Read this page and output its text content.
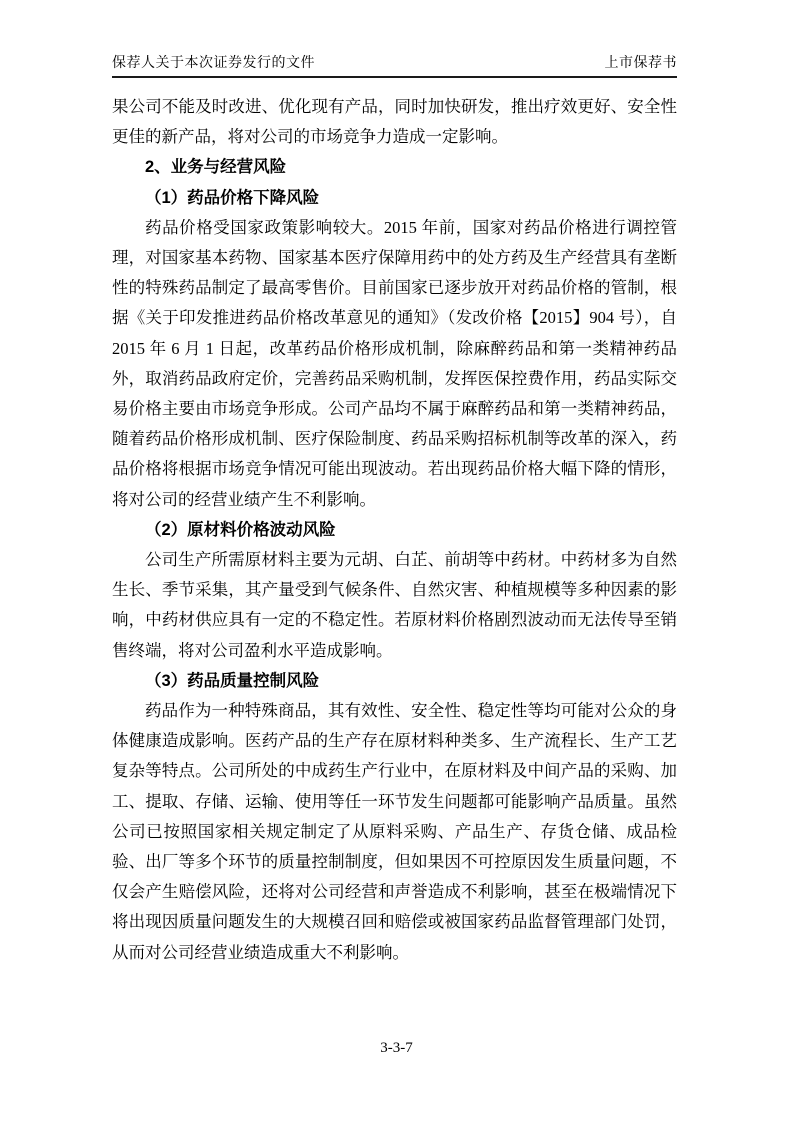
保荐人关于本次证券发行的文件	上市保荐书

果公司不能及时改进、优化现有产品，同时加快研发，推出疗效更好、安全性更佳的新产品，将对公司的市场竞争力造成一定影响。

2、业务与经营风险

（1）药品价格下降风险

药品价格受国家政策影响较大。2015 年前，国家对药品价格进行调控管理，对国家基本药物、国家基本医疗保障用药中的处方药及生产经营具有垄断性的特殊药品制定了最高零售价。目前国家已逐步放开对药品价格的管制，根据《关于印发推进药品价格改革意见的通知》（发改价格【2015】904 号），自 2015 年 6 月 1 日起，改革药品价格形成机制，除麻醉药品和第一类精神药品外，取消药品政府定价，完善药品采购机制，发挥医保控费作用，药品实际交易价格主要由市场竞争形成。公司产品均不属于麻醉药品和第一类精神药品，随着药品价格形成机制、医疗保险制度、药品采购招标机制等改革的深入，药品价格将根据市场竞争情况可能出现波动。若出现药品价格大幅下降的情形，将对公司的经营业绩产生不利影响。

（2）原材料价格波动风险

公司生产所需原材料主要为元胡、白芷、前胡等中药材。中药材多为自然生长、季节采集，其产量受到气候条件、自然灾害、种植规模等多种因素的影响，中药材供应具有一定的不稳定性。若原材料价格剧烈波动而无法传导至销售终端，将对公司盈利水平造成影响。

（3）药品质量控制风险

药品作为一种特殊商品，其有效性、安全性、稳定性等均可能对公众的身体健康造成影响。医药产品的生产存在原材料种类多、生产流程长、生产工艺复杂等特点。公司所处的中成药生产行业中，在原材料及中间产品的采购、加工、提取、存储、运输、使用等任一环节发生问题都可能影响产品质量。虽然公司已按照国家相关规定制定了从原料采购、产品生产、存货仓储、成品检验、出厂等多个环节的质量控制制度，但如果因不可控原因发生质量问题，不仅会产生赔偿风险，还将对公司经营和声誉造成不利影响，甚至在极端情况下将出现因质量问题发生的大规模召回和赔偿或被国家药品监督管理部门处罚，从而对公司经营业绩造成重大不利影响。

3-3-7
